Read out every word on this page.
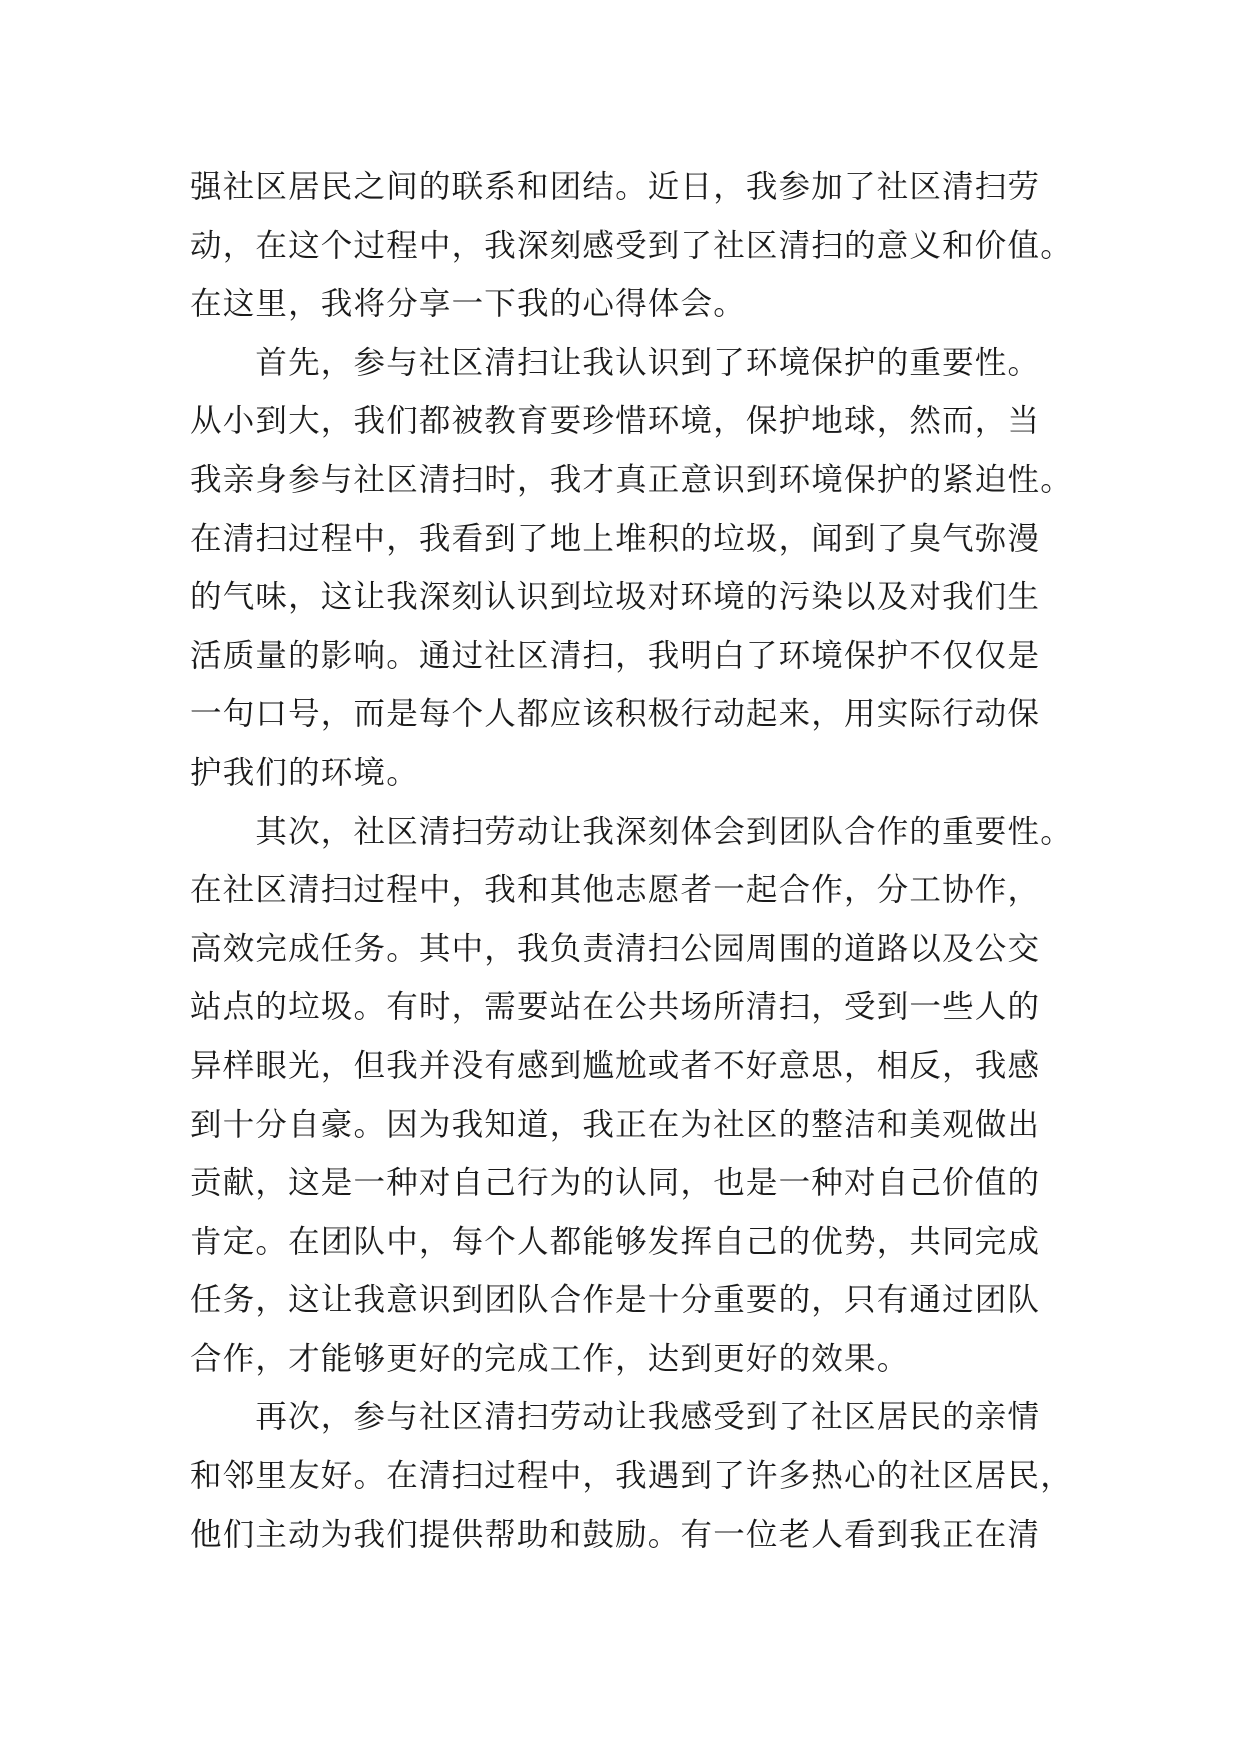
强社区居民之间的联系和团结。近日，我参加了社区清扫劳
动，在这个过程中，我深刻感受到了社区清扫的意义和价值。
在这里，我将分享一下我的心得体会。
　　首先，参与社区清扫让我认识到了环境保护的重要性。
从小到大，我们都被教育要珍惜环境，保护地球，然而，当
我亲身参与社区清扫时，我才真正意识到环境保护的紧迫性。
在清扫过程中，我看到了地上堆积的垃圾，闻到了臭气弥漫
的气味，这让我深刻认识到垃圾对环境的污染以及对我们生
活质量的影响。通过社区清扫，我明白了环境保护不仅仅是
一句口号，而是每个人都应该积极行动起来，用实际行动保
护我们的环境。
　　其次，社区清扫劳动让我深刻体会到团队合作的重要性。
在社区清扫过程中，我和其他志愿者一起合作，分工协作，
高效完成任务。其中，我负责清扫公园周围的道路以及公交
站点的垃圾。有时，需要站在公共场所清扫，受到一些人的
异样眼光，但我并没有感到尴尬或者不好意思，相反，我感
到十分自豪。因为我知道，我正在为社区的整洁和美观做出
贡献，这是一种对自己行为的认同，也是一种对自己价值的
肯定。在团队中，每个人都能够发挥自己的优势，共同完成
任务，这让我意识到团队合作是十分重要的，只有通过团队
合作，才能够更好的完成工作，达到更好的效果。
　　再次，参与社区清扫劳动让我感受到了社区居民的亲情
和邻里友好。在清扫过程中，我遇到了许多热心的社区居民，
他们主动为我们提供帮助和鼓励。有一位老人看到我正在清
